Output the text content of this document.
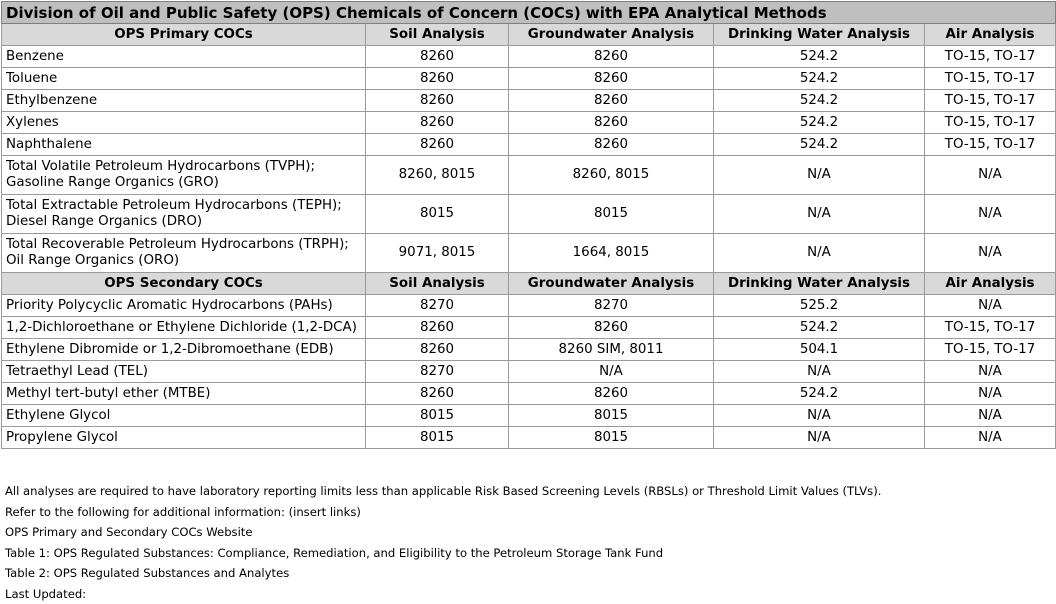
Division of Oil and Public Safety (OPS) Chemicals of Concern (COCs) with EPA Analytical Methods				
OPS Primary COCs	Soil Analysis	Groundwater Analysis	Drinking Water Analysis	Air Analysis

Benzene	8260	8260	524.2	TO-15, TO-17

Toluene	8260	8260	524.2	TO-15, TO-17

Ethylbenzene	8260	8260	524.2	TO-15, TO-17

Xylenes	8260	8260	524.2	TO-15, TO-17

Naphthalene	8260	8260	524.2	TO-15, TO-17

Total Volatile Petroleum Hydrocarbons (TVPH);
Gasoline Range Organics (GRO)	8260, 8015	8260, 8015	N/A	N/A

Total Extractable Petroleum Hydrocarbons (TEPH);
Diesel Range Organics (DRO)	8015	8015	N/A	N/A

Total Recoverable Petroleum Hydrocarbons (TRPH);
Oil Range Organics (ORO)	9071, 8015	1664, 8015	N/A	N/A
OPS Secondary COCs	Soil Analysis	Groundwater Analysis	Drinking Water Analysis	Air Analysis

Priority Polycyclic Aromatic Hydrocarbons (PAHs)	8270	8270	525.2	N/A

1,2-Dichloroethane or Ethylene Dichloride (1,2-DCA)	8260	8260	524.2	TO-15, TO-17

Ethylene Dibromide or 1,2-Dibromoethane (EDB)	8260	8260 SIM, 8011	504.1	TO-15, TO-17

Tetraethyl Lead (TEL)	8270	N/A	N/A	N/A

Methyl tert-butyl ether (MTBE)	8260	8260	524.2	N/A

Ethylene Glycol	8015	8015	N/A	N/A

Propylene Glycol	8015	8015	N/A	N/A
All analyses are required to have laboratory reporting limits less than applicable Risk Based Screening Levels (RBSLs) or Threshold Limit Values (TLVs).
Refer to the following for additional information: (insert links)
OPS Primary and Secondary COCs Website
Table 1: OPS Regulated Substances: Compliance, Remediation, and Eligibility to the Petroleum Storage Tank Fund
Table 2: OPS Regulated Substances and Analytes
Last Updated:
